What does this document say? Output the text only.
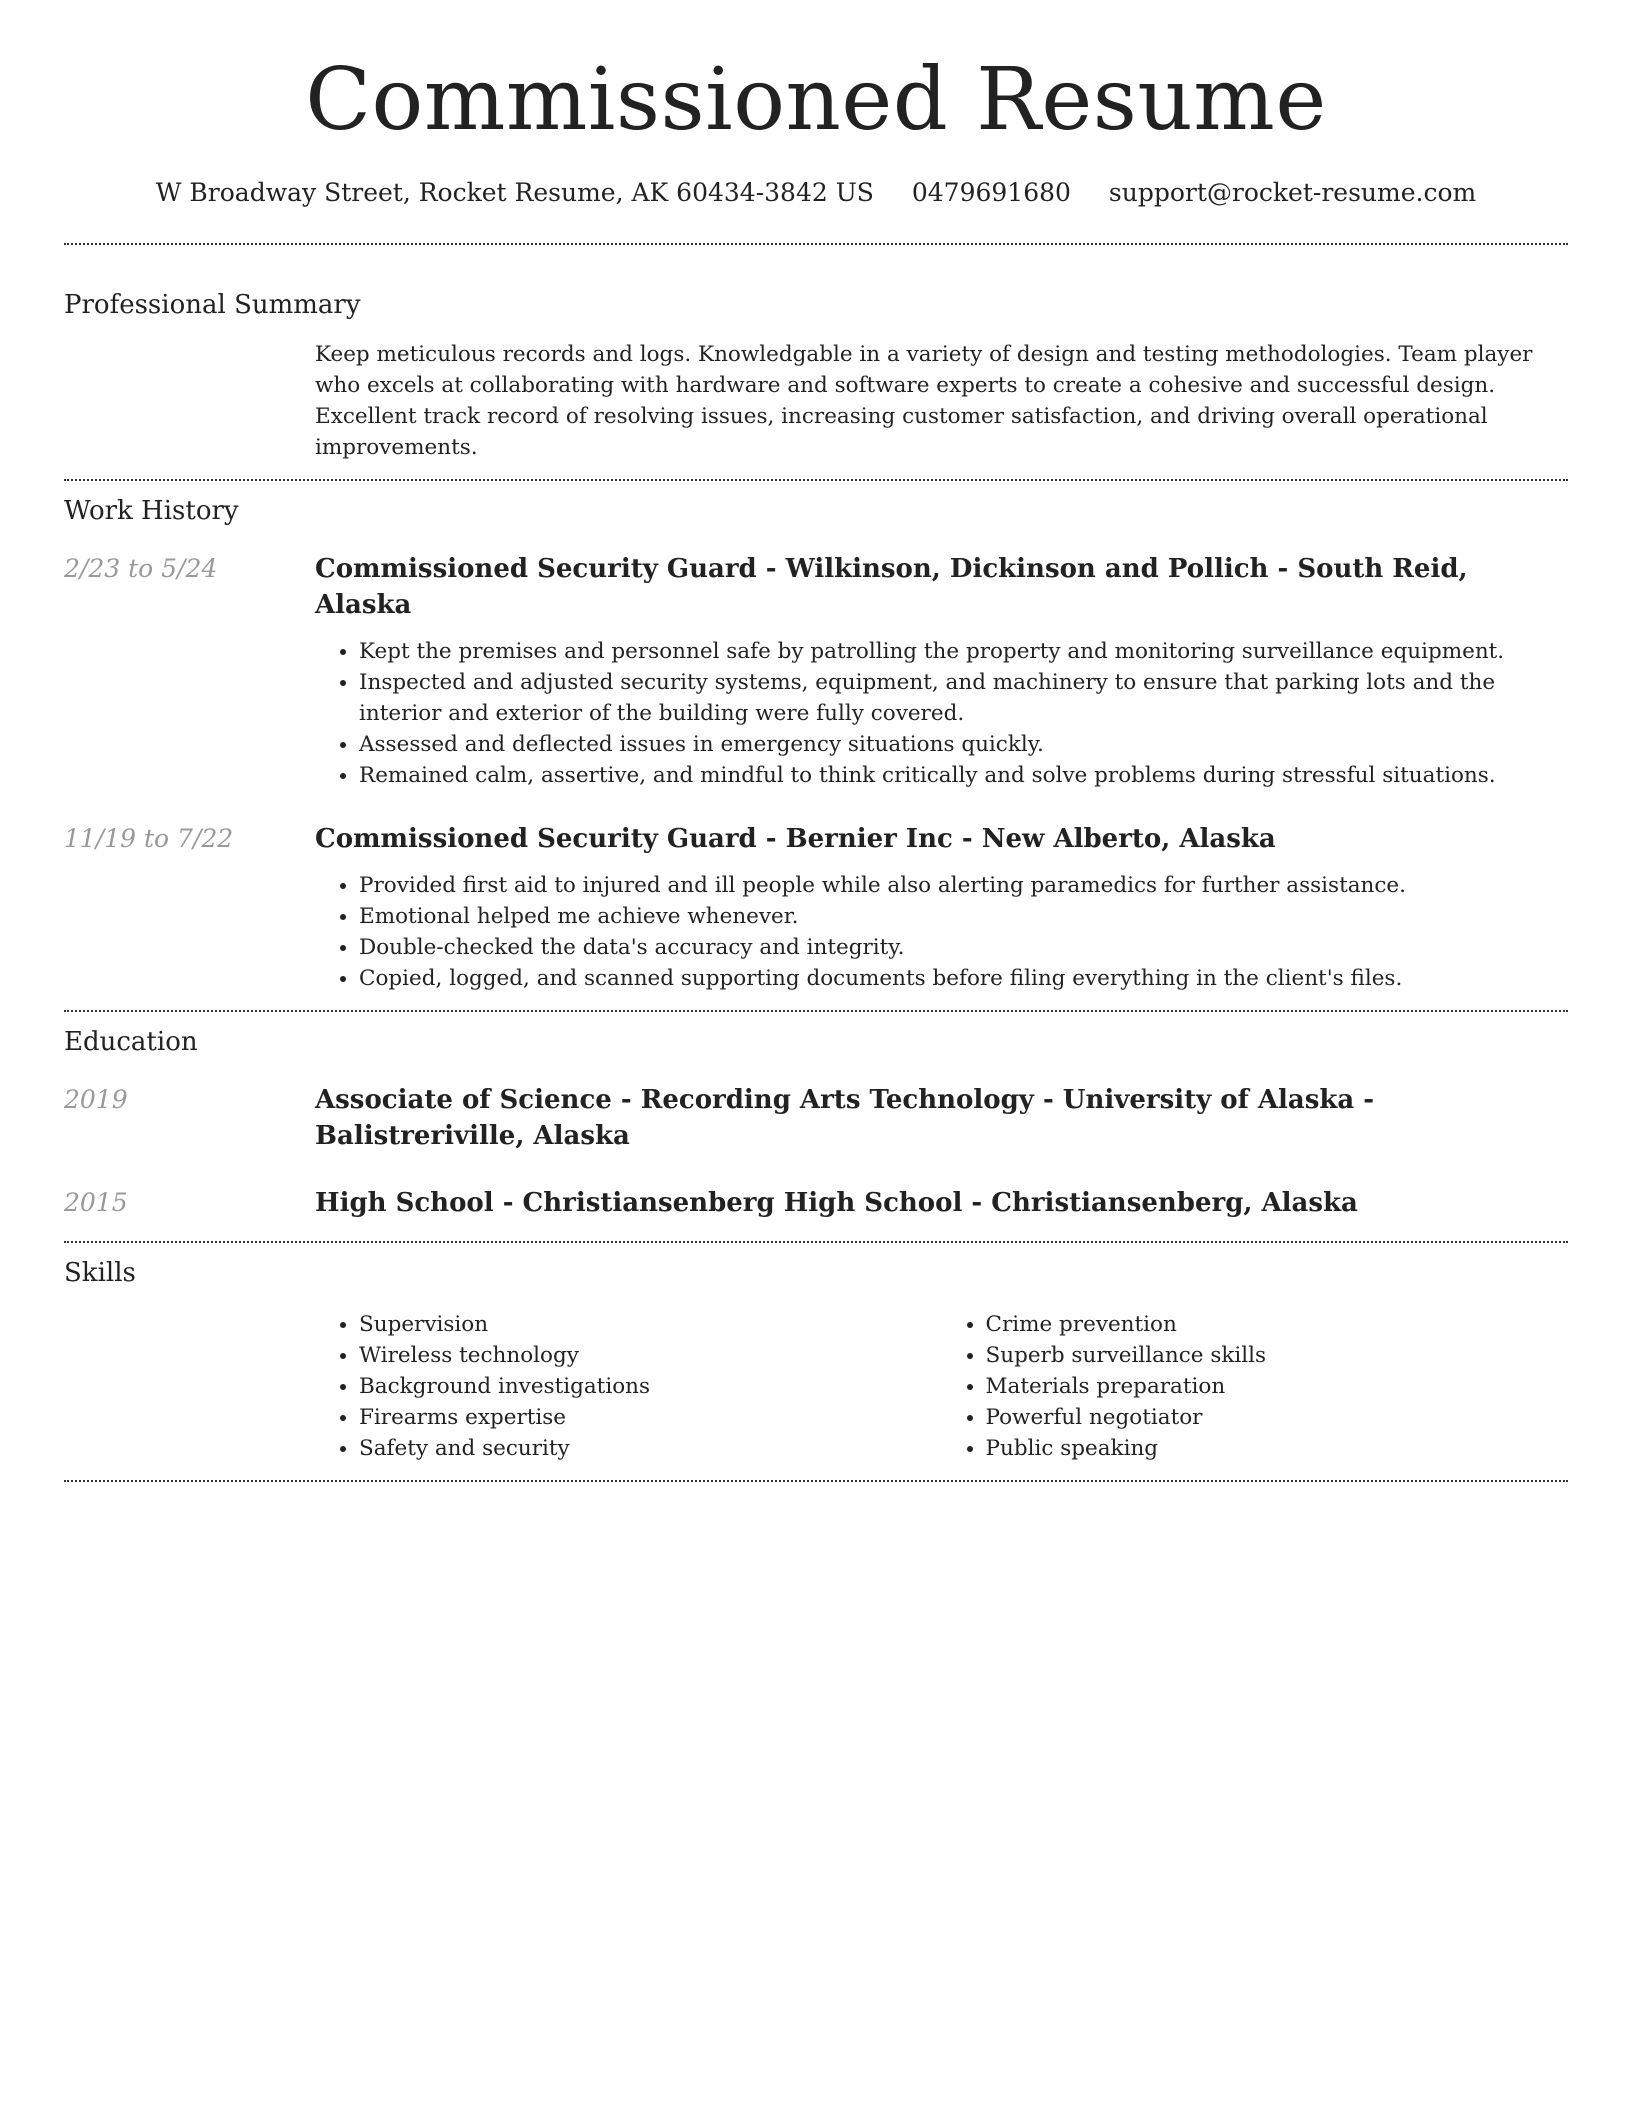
Commissioned Resume
W Broadway Street, Rocket Resume, AK 60434-3842 US 0479691680 support@rocket-resume.com
Professional Summary

Keep meticulous records and logs. Knowledgable in a variety of design and testing methodologies. Team player who excels at collaborating with hardware and software experts to create a cohesive and successful design. Excellent track record of resolving issues, increasing customer satisfaction, and driving overall operational improvements.

Work History
2/23 to 5/24	Commissioned Security Guard - Wilkinson, Dickinson and Pollich - South Reid, Alaska
• Kept the premises and personnel safe by patrolling the property and monitoring surveillance equipment.
• Inspected and adjusted security systems, equipment, and machinery to ensure that parking lots and the interior and exterior of the building were fully covered.
• Assessed and deflected issues in emergency situations quickly.
• Remained calm, assertive, and mindful to think critically and solve problems during stressful situations.
11/19 to 7/22	Commissioned Security Guard - Bernier Inc - New Alberto, Alaska
• Provided first aid to injured and ill people while also alerting paramedics for further assistance.
• Emotional helped me achieve whenever.
• Double-checked the data's accuracy and integrity.
• Copied, logged, and scanned supporting documents before filing everything in the client's files.
Education
2019	Associate of Science - Recording Arts Technology - University of Alaska - Balistreriville, Alaska
2015	High School - Christiansenberg High School - Christiansenberg, Alaska
Skills
• Supervision
• Wireless technology
• Background investigations
• Firearms expertise
• Safety and security
• Crime prevention
• Superb surveillance skills
• Materials preparation
• Powerful negotiator
• Public speaking
